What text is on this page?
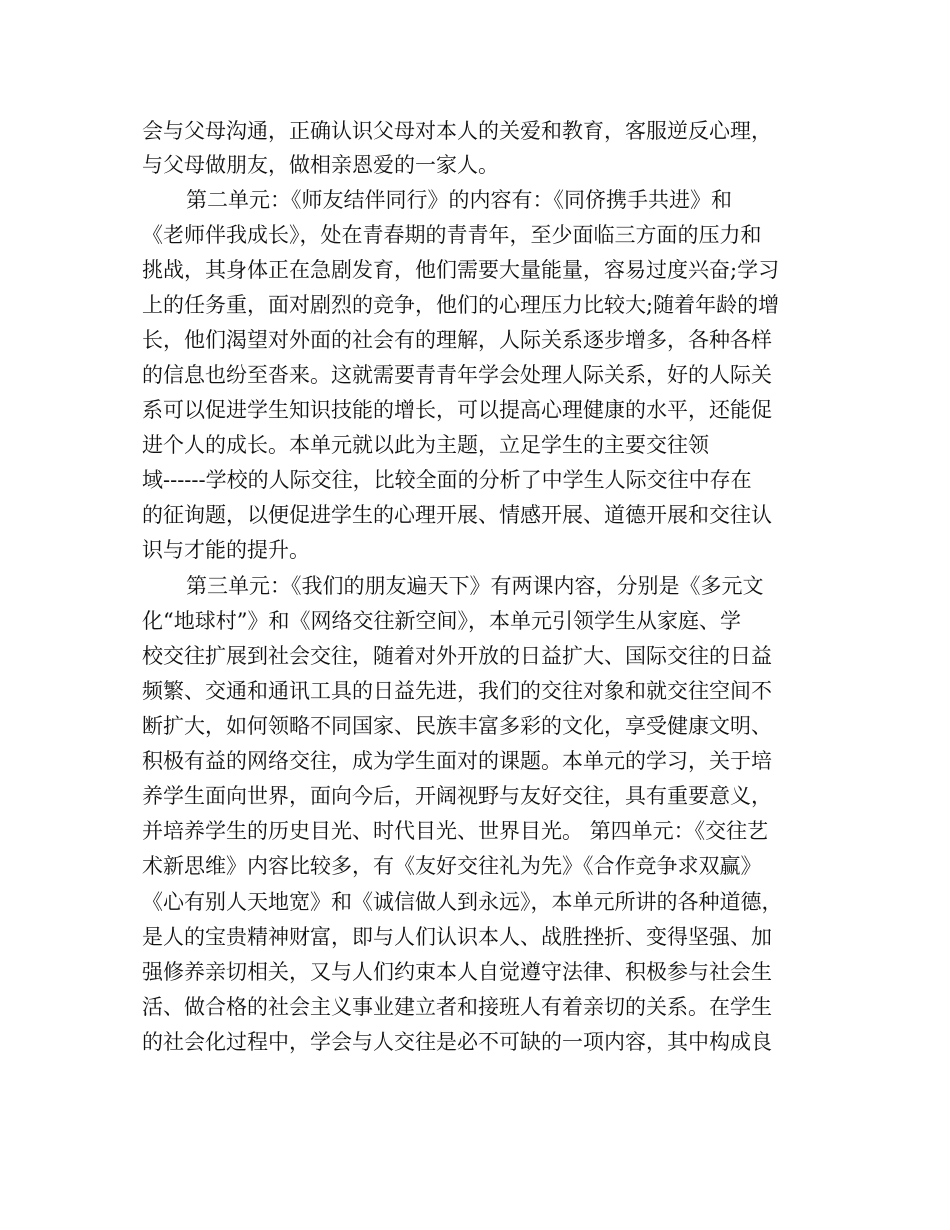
会与父母沟通，正确认识父母对本人的关爱和教育，客服逆反心理，

与父母做朋友，做相亲恩爱的一家人。

第二单元：《师友结伴同行》的内容有：《同侪携手共进》和

《老师伴我成长》，处在青春期的青青年，至少面临三方面的压力和

挑战，其身体正在急剧发育，他们需要大量能量，容易过度兴奋;学习

上的任务重，面对剧烈的竞争，他们的心理压力比较大;随着年龄的增

长，他们渴望对外面的社会有的理解，人际关系逐步增多，各种各样

的信息也纷至沓来。这就需要青青年学会处理人际关系，好的人际关

系可以促进学生知识技能的增长，可以提高心理健康的水平，还能促

进个人的成长。本单元就以此为主题，立足学生的主要交往领

域------学校的人际交往，比较全面的分析了中学生人际交往中存在

的征询题，以便促进学生的心理开展、情感开展、道德开展和交往认

识与才能的提升。

第三单元：《我们的朋友遍天下》有两课内容，分别是《多元文

化“地球村”》和《网络交往新空间》，本单元引领学生从家庭、学

校交往扩展到社会交往，随着对外开放的日益扩大、国际交往的日益

频繁、交通和通讯工具的日益先进，我们的交往对象和就交往空间不

断扩大，如何领略不同国家、民族丰富多彩的文化，享受健康文明、

积极有益的网络交往，成为学生面对的课题。本单元的学习，关于培

养学生面向世界，面向今后，开阔视野与友好交往，具有重要意义，

并培养学生的历史目光、时代目光、世界目光。 第四单元：《交往艺

术新思维》内容比较多，有《友好交往礼为先》《合作竞争求双赢》

《心有别人天地宽》和《诚信做人到永远》，本单元所讲的各种道德，

是人的宝贵精神财富，即与人们认识本人、战胜挫折、变得坚强、加

强修养亲切相关，又与人们约束本人自觉遵守法律、积极参与社会生

活、做合格的社会主义事业建立者和接班人有着亲切的关系。在学生

的社会化过程中，学会与人交往是必不可缺的一项内容，其中构成良
